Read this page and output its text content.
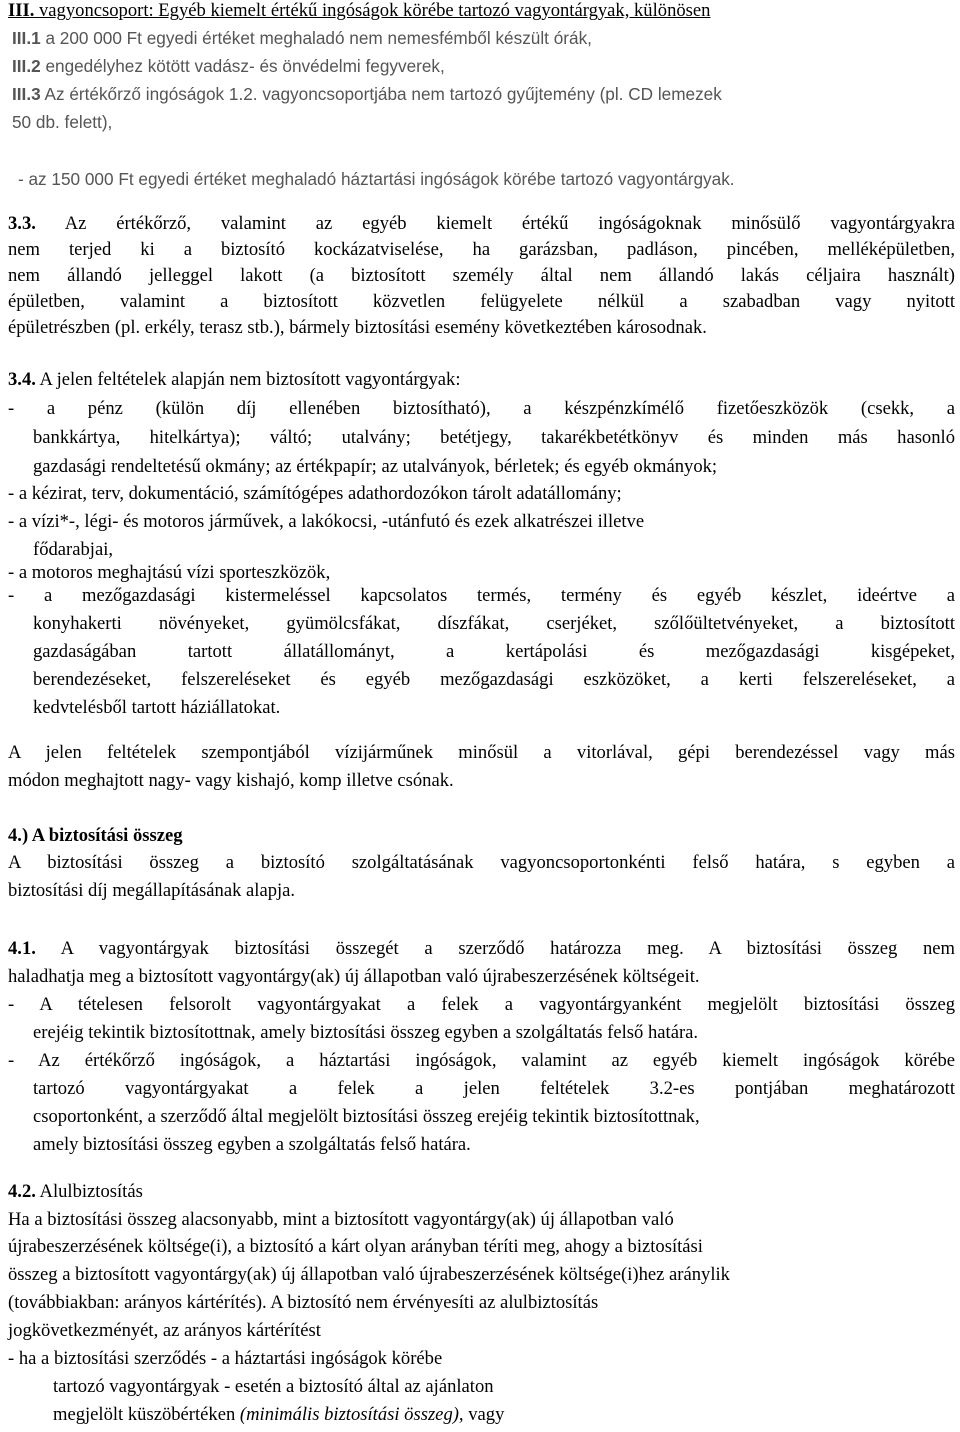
III. vagyoncsoport: Egyéb kiemelt értékű ingóságok körébe tartozó vagyontárgyak, különösen
III.1 a 200 000 Ft egyedi értéket meghaladó nem nemesfémből készült órák,
III.2 engedélyhez kötött vadász- és önvédelmi fegyverek,
III.3 Az értékőrző ingóságok 1.2. vagyoncsoportjába nem tartozó gyűjtemény (pl. CD lemezek
50 db. felett),
- az 150 000 Ft egyedi értéket meghaladó háztartási ingóságok körébe tartozó vagyontárgyak.
3.3. Az értékőrző, valamint az egyéb kiemelt értékű ingóságoknak minősülő vagyontárgyakra
nem terjed ki a biztosító kockázatviselése, ha garázsban, padláson, pincében, melléképületben,
nem állandó jelleggel lakott (a biztosított személy által nem állandó lakás céljaira használt)
épületben, valamint a biztosított közvetlen felügyelete nélkül a szabadban vagy nyitott
épületrészben (pl. erkély, terasz stb.), bármely biztosítási esemény következtében károsodnak.
3.4. A jelen feltételek alapján nem biztosított vagyontárgyak:
- a pénz (külön díj ellenében biztosítható), a készpénzkímélő fizetőeszközök (csekk, a
bankkártya, hitelkártya); váltó; utalvány; betétjegy, takarékbetétkönyv és minden más hasonló
gazdasági rendeltetésű okmány; az értékpapír; az utalványok, bérletek; és egyéb okmányok;
- a kézirat, terv, dokumentáció, számítógépes adathordozókon tárolt adatállomány;
- a vízi*-, légi- és motoros járművek, a lakókocsi, -utánfutó és ezek alkatrészei illetve
fődarabjai,
- a motoros meghajtású vízi sporteszközök,
- a mezőgazdasági kistermeléssel kapcsolatos termés, termény és egyéb készlet, ideértve a
konyhakerti növényeket, gyümölcsfákat, díszfákat, cserjéket, szőlőültetvényeket, a biztosított
gazdaságában tartott állatállományt, a kertápolási és mezőgazdasági kisgépeket,
berendezéseket, felszereléseket és egyéb mezőgazdasági eszközöket, a kerti felszereléseket, a
kedvtelésből tartott háziállatokat.
A jelen feltételek szempontjából vízijárműnek minősül a vitorlával, gépi berendezéssel vagy más
módon meghajtott nagy- vagy kishajó, komp illetve csónak.
4.) A biztosítási összeg
A biztosítási összeg a biztosító szolgáltatásának vagyoncsoportonkénti felső határa, s egyben a
biztosítási díj megállapításának alapja.
4.1. A vagyontárgyak biztosítási összegét a szerződő határozza meg. A biztosítási összeg nem
haladhatja meg a biztosított vagyontárgy(ak) új állapotban való újrabeszerzésének költségeit.
- A tételesen felsorolt vagyontárgyakat a felek a vagyontárgyanként megjelölt biztosítási összeg
erejéig tekintik biztosítottnak, amely biztosítási összeg egyben a szolgáltatás felső határa.
- Az értékőrző ingóságok, a háztartási ingóságok, valamint az egyéb kiemelt ingóságok körébe
tartozó vagyontárgyakat a felek a jelen feltételek 3.2-es pontjában meghatározott
csoportonként, a szerződő által megjelölt biztosítási összeg erejéig tekintik biztosítottnak,
amely biztosítási összeg egyben a szolgáltatás felső határa.
4.2. Alulbiztosítás
Ha a biztosítási összeg alacsonyabb, mint a biztosított vagyontárgy(ak) új állapotban való
újrabeszerzésének költsége(i), a biztosító a kárt olyan arányban téríti meg, ahogy a biztosítási
összeg a biztosított vagyontárgy(ak) új állapotban való újrabeszerzésének költsége(i)hez aránylik
(továbbiakban: arányos kártérítés). A biztosító nem érvényesíti az alulbiztosítás
jogkövetkezményét, az arányos kártérítést
- ha a biztosítási szerződés - a háztartási ingóságok körébe
tartozó vagyontárgyak - esetén a biztosító által az ajánlaton
megjelölt küszöbértéken (minimális biztosítási összeg), vagy
